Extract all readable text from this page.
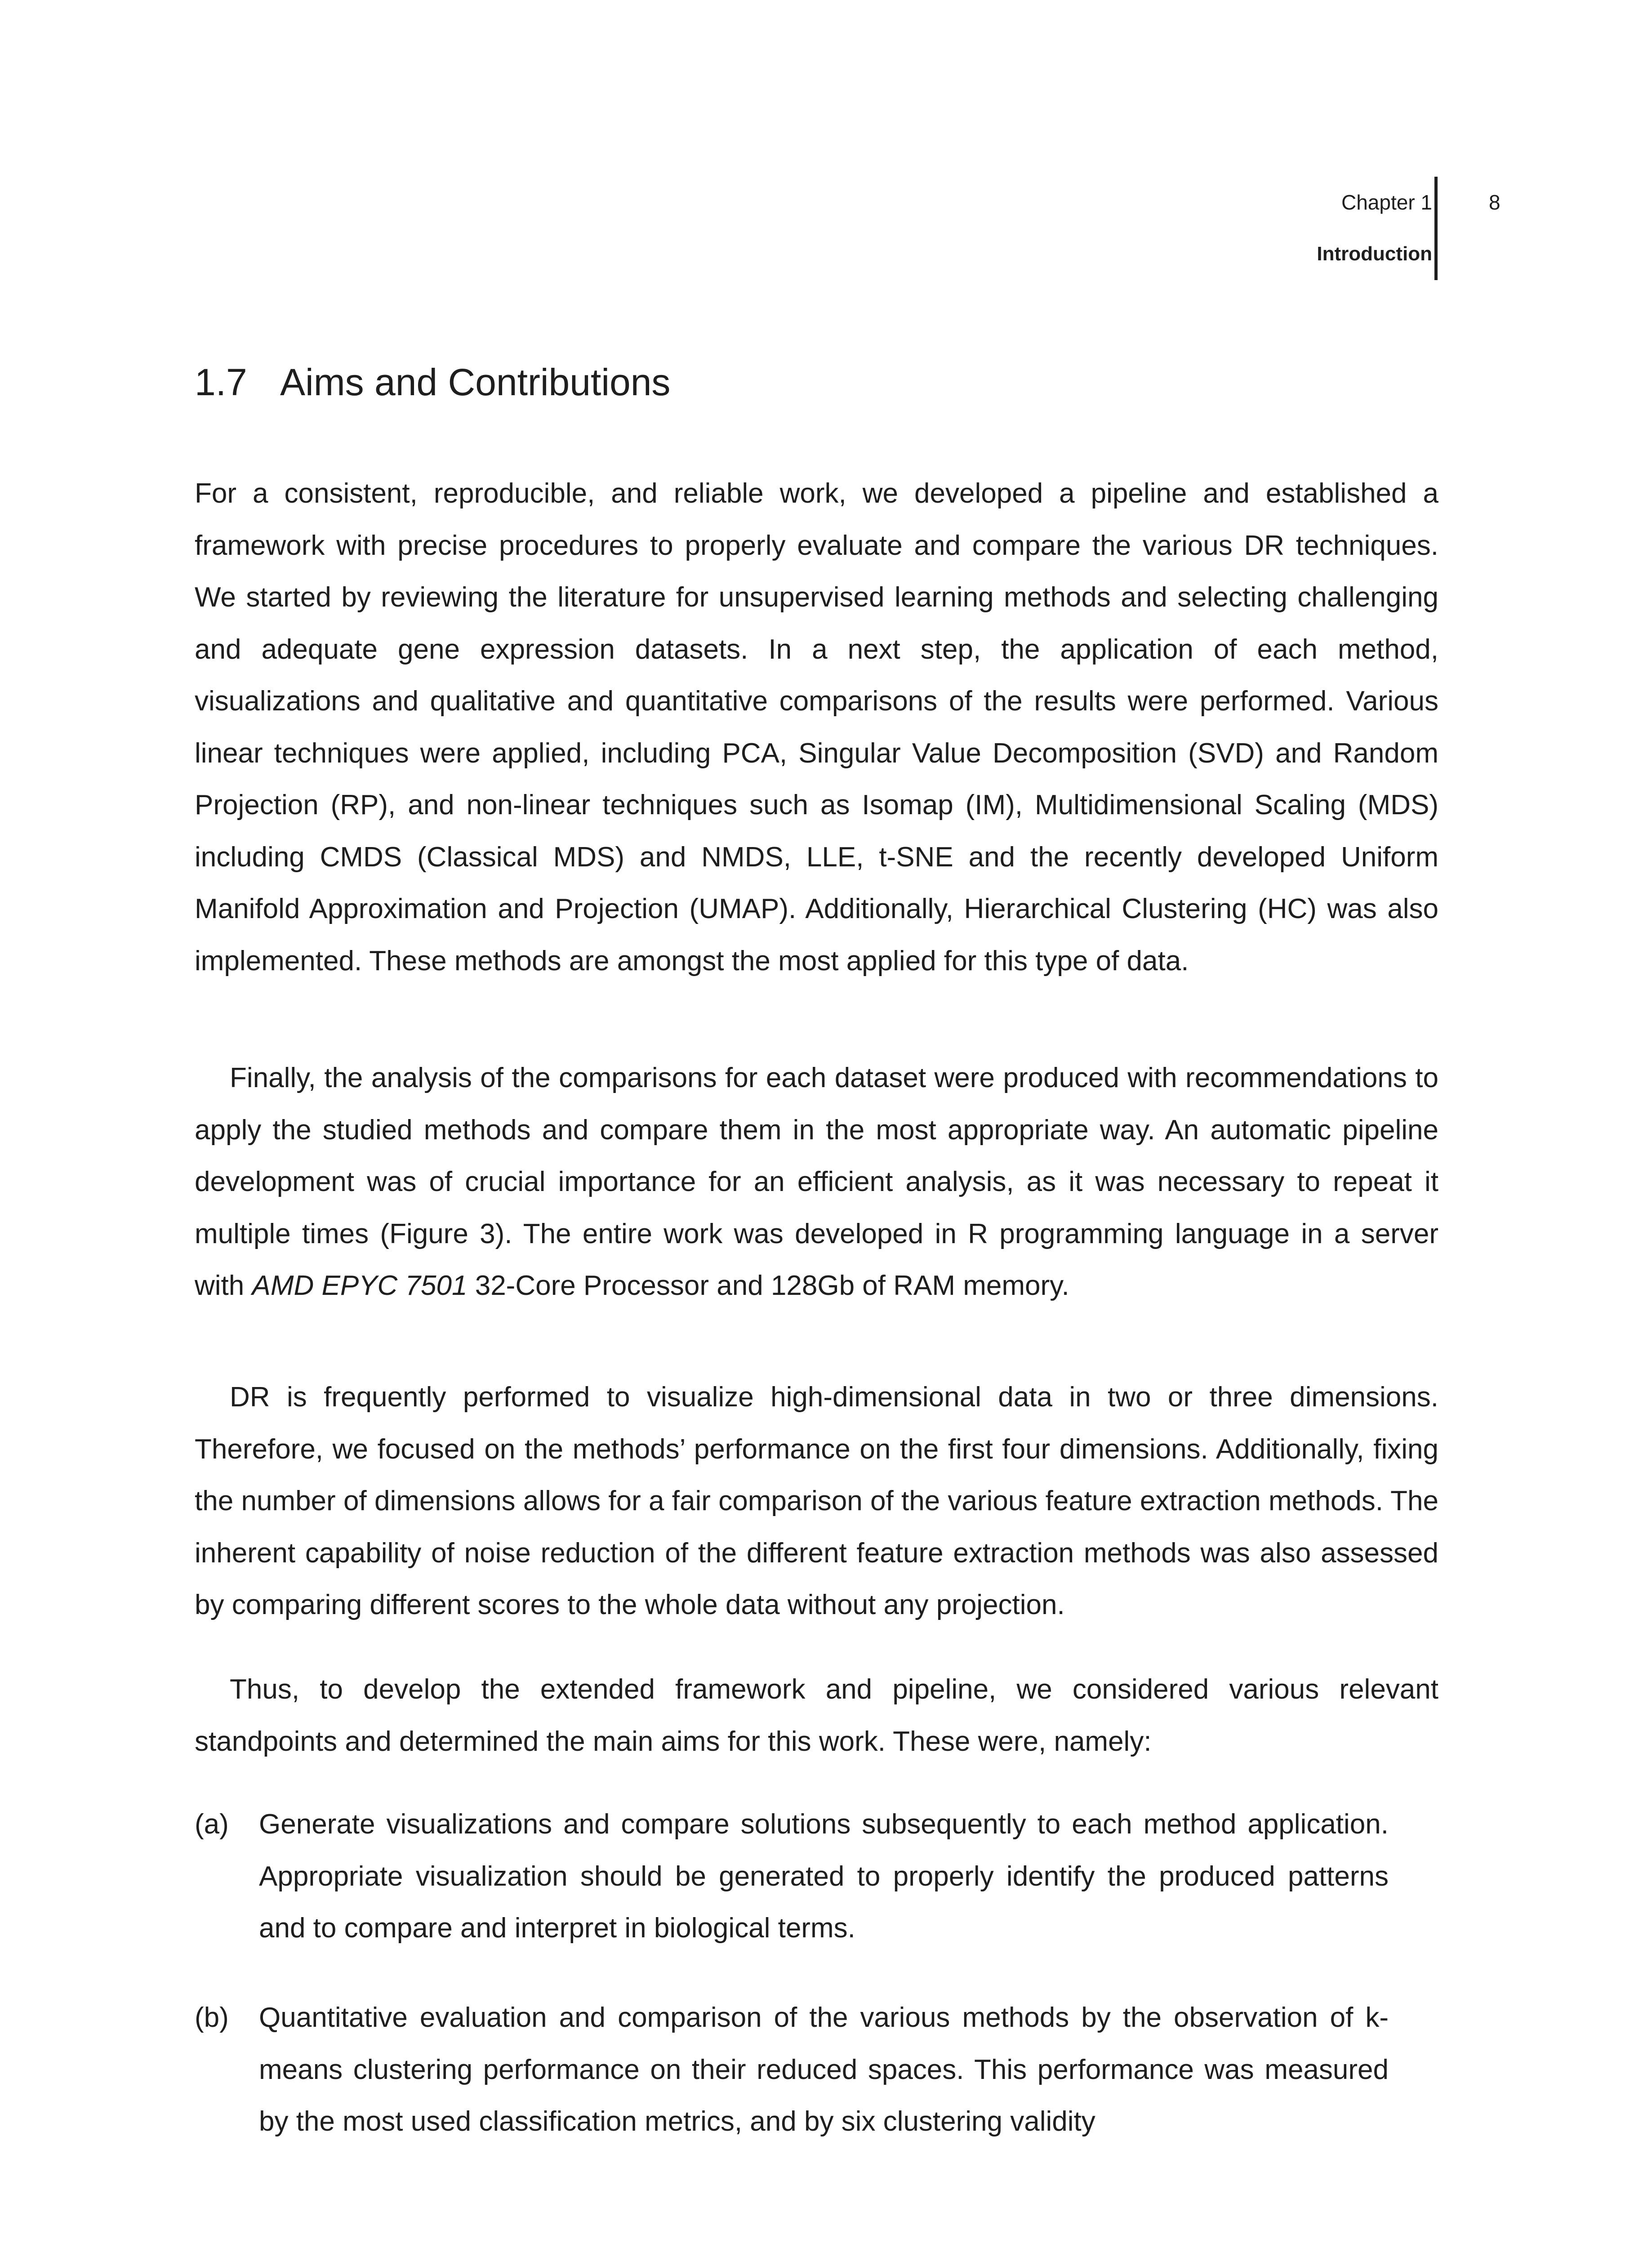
Chapter 1
Introduction
8
1.7 Aims and Contributions

For a consistent, reproducible, and reliable work, we developed a pipeline and established a framework with precise procedures to properly evaluate and compare the various DR techniques. We started by reviewing the literature for unsupervised learning methods and selecting challenging and adequate gene expression datasets. In a next step, the application of each method, visualizations and qualitative and quantitative comparisons of the results were performed. Various linear techniques were applied, including PCA, Singular Value Decomposition (SVD) and Random Projection (RP), and non-linear techniques such as Isomap (IM), Multidimensional Scaling (MDS) including CMDS (Classical MDS) and NMDS, LLE, t-SNE and the recently developed Uniform Manifold Approximation and Projection (UMAP). Additionally, Hierarchical Clustering (HC) was also implemented. These methods are amongst the most applied for this type of data.

Finally, the analysis of the comparisons for each dataset were produced with recommendations to apply the studied methods and compare them in the most appropriate way. An automatic pipeline development was of crucial importance for an efficient analysis, as it was necessary to repeat it multiple times (Figure 3). The entire work was developed in R programming language in a server with AMD EPYC 7501 32-Core Processor and 128Gb of RAM memory.

DR is frequently performed to visualize high-dimensional data in two or three dimensions. Therefore, we focused on the methods’ performance on the first four dimensions. Additionally, fixing the number of dimensions allows for a fair comparison of the various feature extraction methods. The inherent capability of noise reduction of the different feature extraction methods was also assessed by comparing different scores to the whole data without any projection.

Thus, to develop the extended framework and pipeline, we considered various relevant standpoints and determined the main aims for this work. These were, namely:

(a) Generate visualizations and compare solutions subsequently to each method application. Appropriate visualization should be generated to properly identify the produced patterns and to compare and interpret in biological terms.
(b) Quantitative evaluation and comparison of the various methods by the observation of k-means clustering performance on their reduced spaces. This performance was measured by the most used classification metrics, and by six clustering validity
